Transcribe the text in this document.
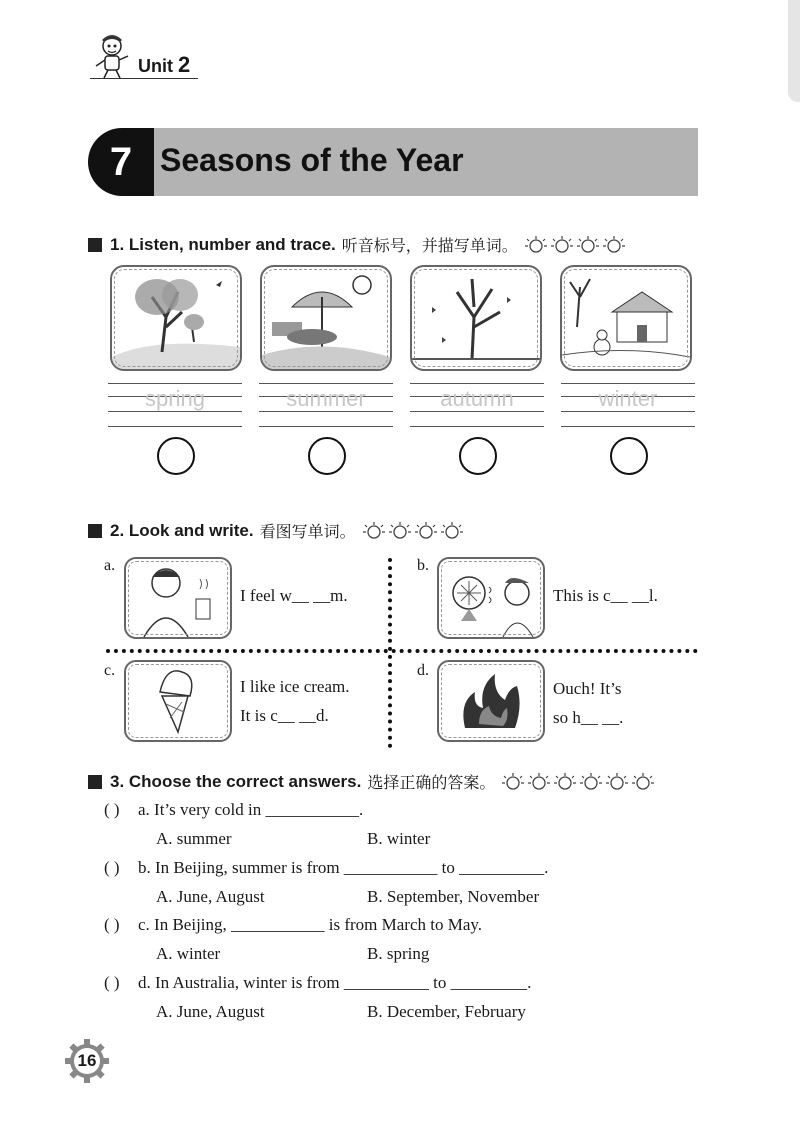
Unit 2
Seasons of the Year
7
1. Listen, number and trace. 听音标号，并描写单词。
spring	summer	autumn	winter
2. Look and write. 看图写单词。
a.
I feel w__ __m.
b.
This is c__ __l.
c.
I like ice cream.
It is c__ __d.
d.
Ouch! It’s
so h__ __.
3. Choose the correct answers. 选择正确的答案。
( ) a. It’s very cold in ___________.
A. summer	B. winter
( ) b. In Beijing, summer is from ___________ to __________.
A. June, August	B. September, November
( ) c. In Beijing, ___________ is from March to May.
A. winter	B. spring
( ) d. In Australia, winter is from __________ to _________.
A. June, August	B. December, February
16
